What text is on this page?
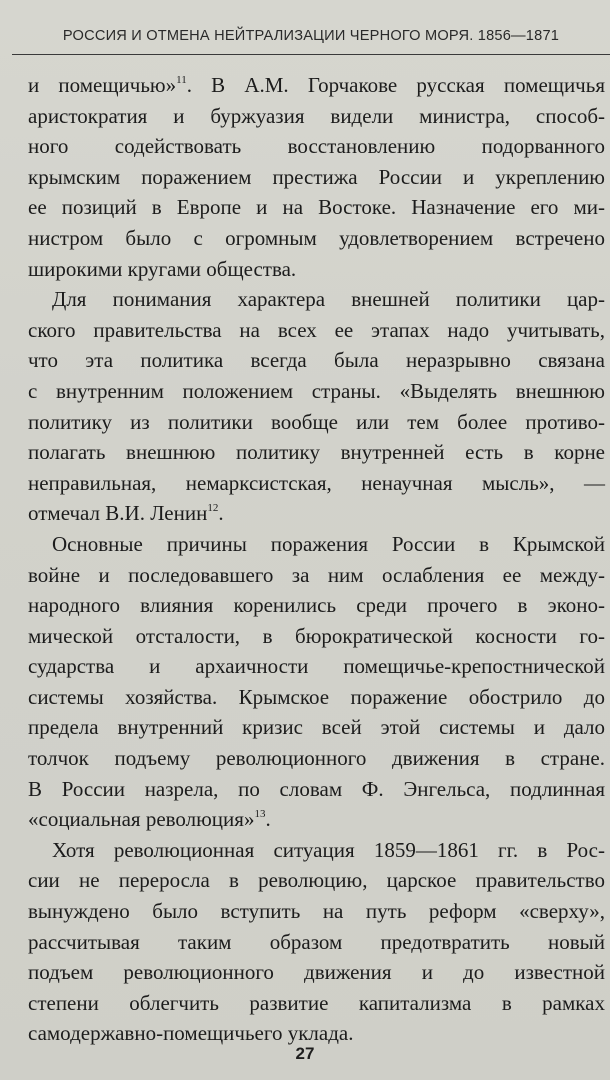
РОССИЯ И ОТМЕНА НЕЙТРАЛИЗАЦИИ ЧЕРНОГО МОРЯ. 1856—1871
и помещичью»$^{11}$. В А.М. Горчакове русская помещичья
аристократия и буржуазия видели министра, способ-
ного содействовать восстановлению подорванного
крымским поражением престижа России и укреплению
ее позиций в Европе и на Востоке. Назначение его ми-
нистром было с огромным удовлетворением встречено
широкими кругами общества.
Для понимания характера внешней политики цар-
ского правительства на всех ее этапах надо учитывать,
что эта политика всегда была неразрывно связана
с внутренним положением страны. «Выделять внешнюю
политику из политики вообще или тем более противо-
полагать внешнюю политику внутренней есть в корне
неправильная, немарксистская, ненаучная мысль», —
отмечал В.И. Ленин$^{12}$.
Основные причины поражения России в Крымской
войне и последовавшего за ним ослабления ее между-
народного влияния коренились среди прочего в эконо-
мической отсталости, в бюрократической косности го-
сударства и архаичности помещичье-крепостнической
системы хозяйства. Крымское поражение обострило до
предела внутренний кризис всей этой системы и дало
толчок подъему революционного движения в стране.
В России назрела, по словам Ф. Энгельса, подлинная
«социальная революция»$^{13}$.
Хотя революционная ситуация 1859—1861 гг. в Рос-
сии не переросла в революцию, царское правительство
вынуждено было вступить на путь реформ «сверху»,
рассчитывая таким образом предотвратить новый
подъем революционного движения и до известной
степени облегчить развитие капитализма в рамках
самодержавно-помещичьего уклада.
27
